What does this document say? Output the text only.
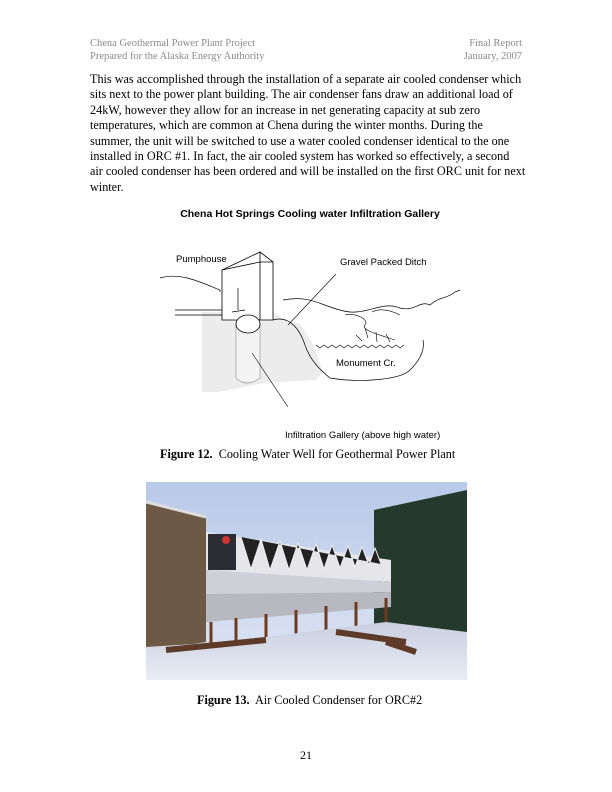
Chena Geothermal Power Plant Project
Prepared for the Alaska Energy Authority
Final Report
January, 2007
This was accomplished through the installation of a separate air cooled condenser which
sits next to the power plant building. The air condenser fans draw an additional load of
24kW, however they allow for an increase in net generating capacity at sub zero
temperatures, which are common at Chena during the winter months. During the
summer, the unit will be switched to use a water cooled condenser identical to the one
installed in ORC #1. In fact, the air cooled system has worked so effectively, a second
air cooled condenser has been ordered and will be installed on the first ORC unit for next
winter.
Chena Hot Springs Cooling water Infiltration Gallery
Pumphouse	Gravel Packed Ditch
Monument Cr.
Infiltration Gallery (above high water)
Figure 12. Cooling Water Well for Geothermal Power Plant
Figure 13. Air Cooled Condenser for ORC#2
21
